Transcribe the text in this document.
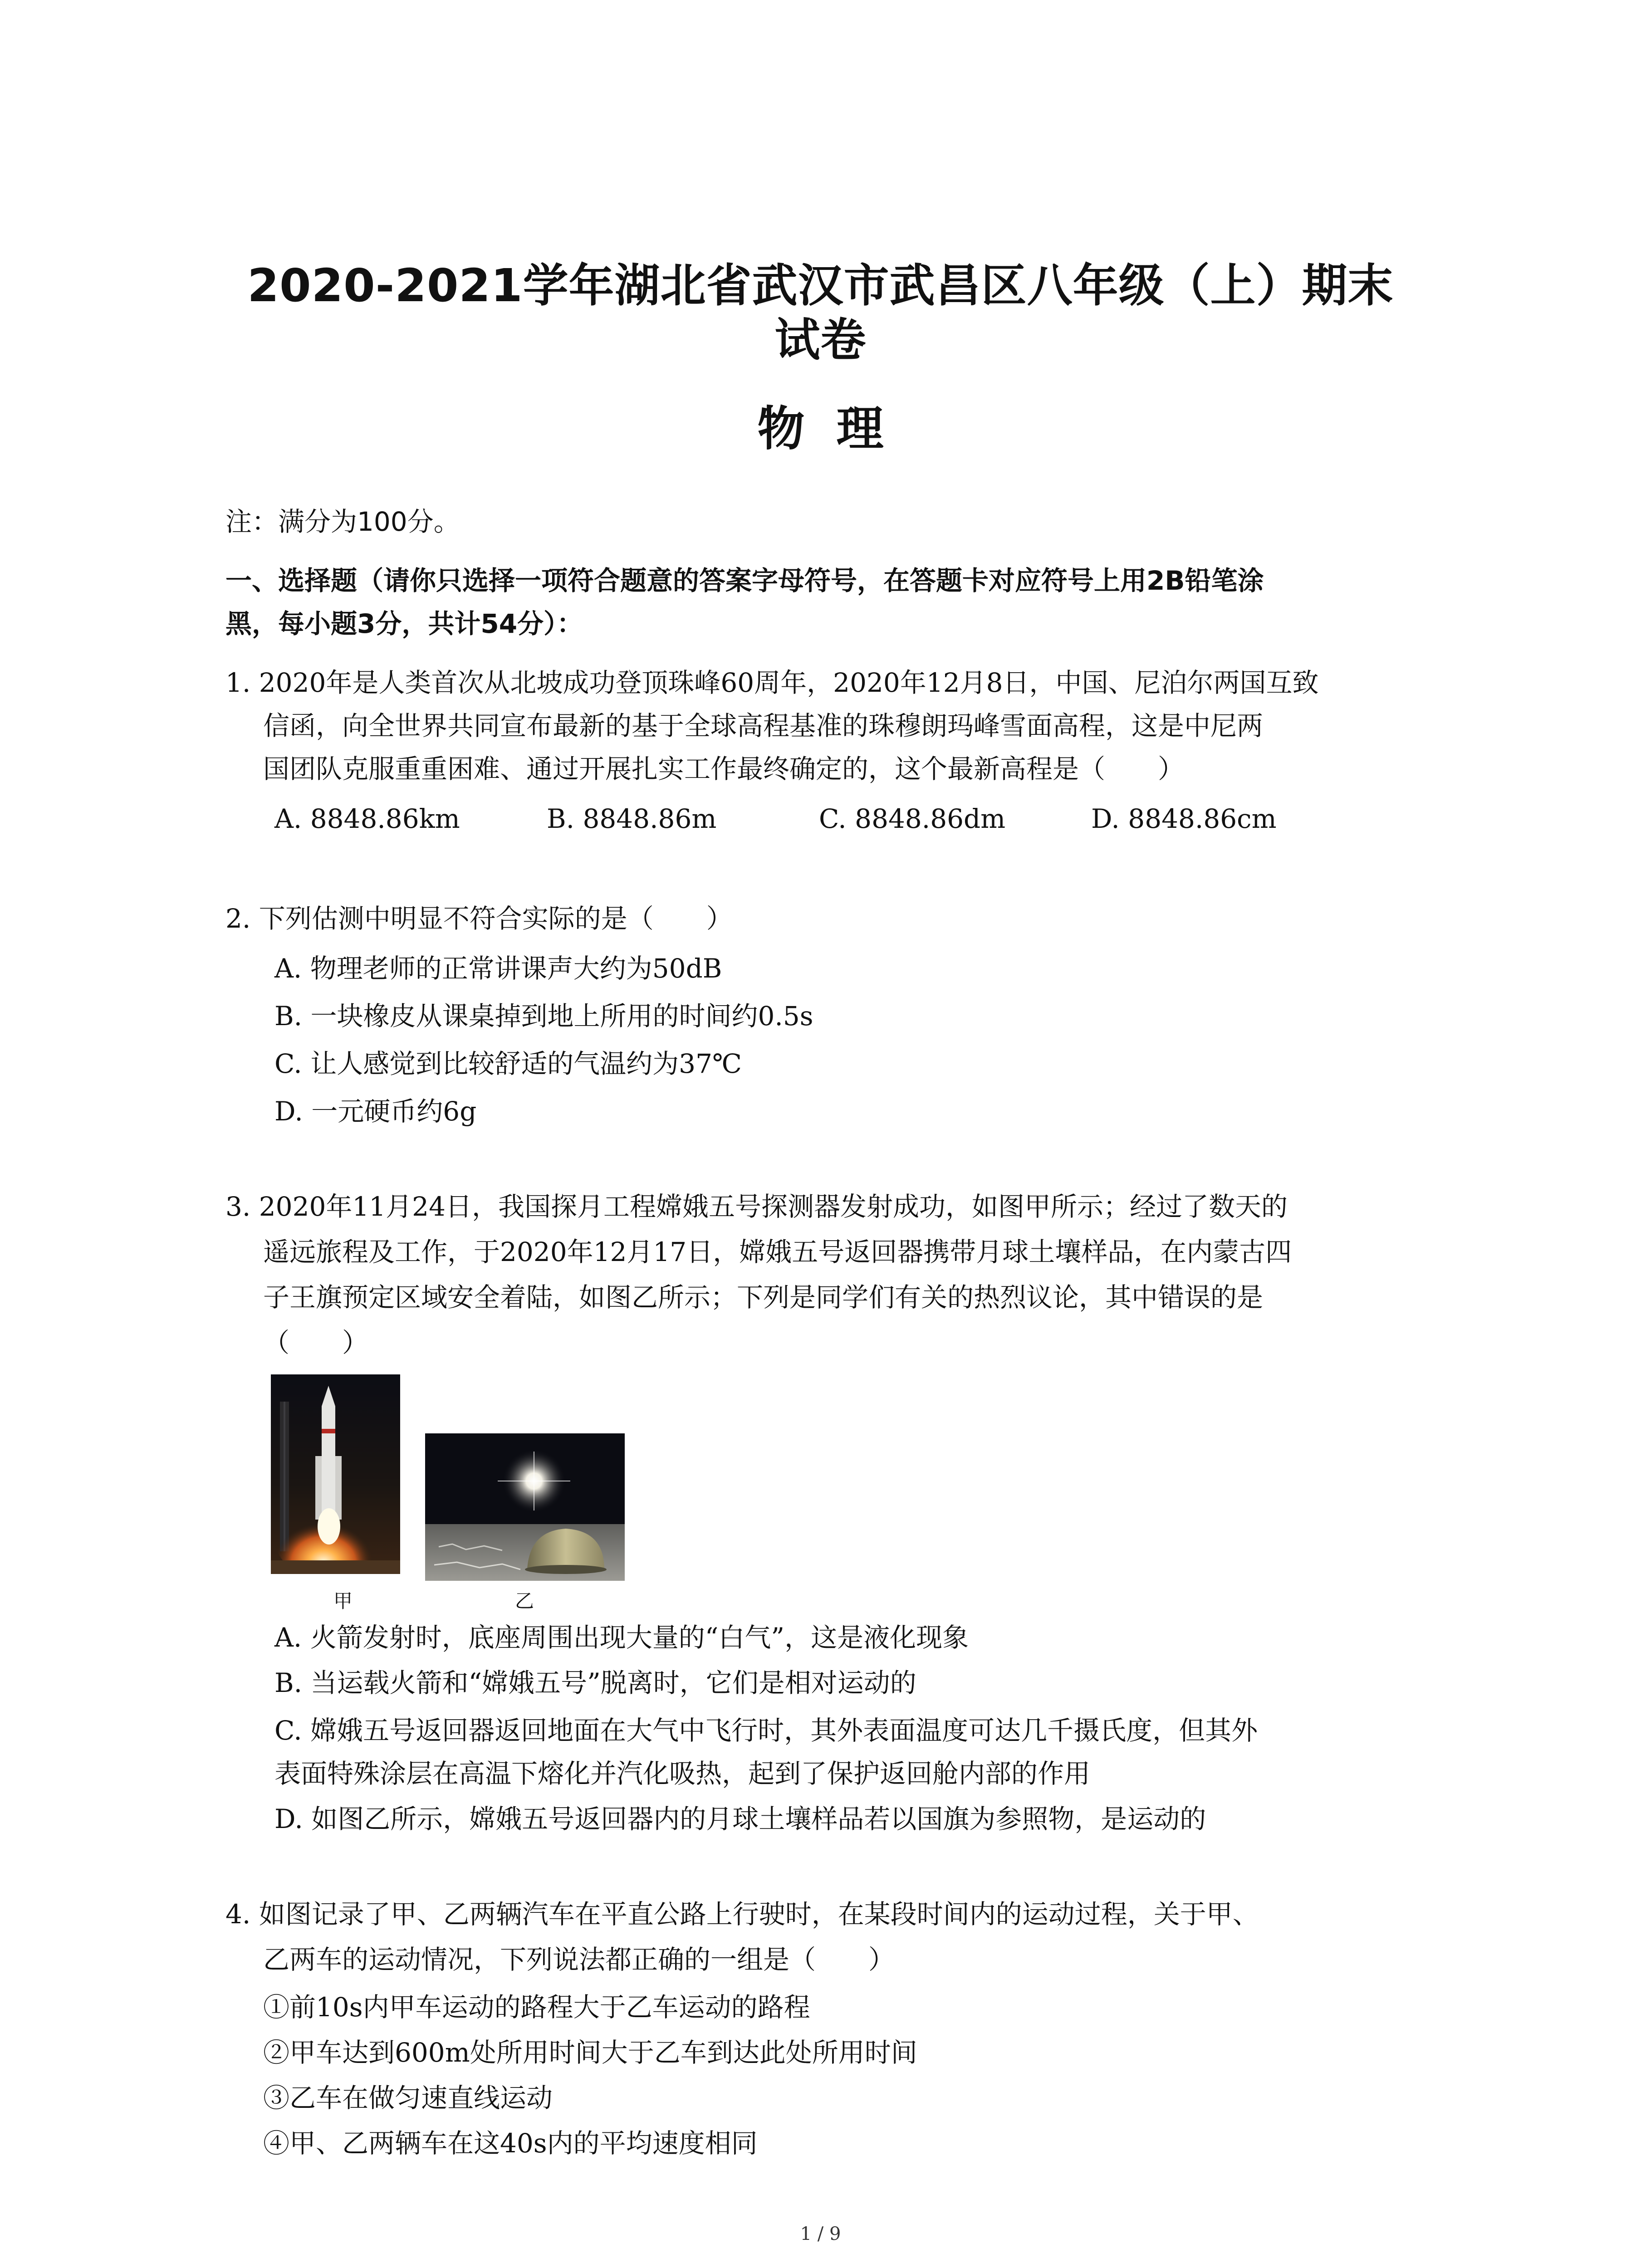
2020-2021学年湖北省武汉市武昌区八年级（上）期末
试卷
物理
注：满分为100分。
一、选择题（请你只选择一项符合题意的答案字母符号，在答题卡对应符号上用2B铅笔涂
黑，每小题3分，共计54分）：
1. 2020年是人类首次从北坡成功登顶珠峰60周年，2020年12月8日，中国、尼泊尔两国互致
信函，向全世界共同宣布最新的基于全球高程基准的珠穆朗玛峰雪面高程，这是中尼两
国团队克服重重困难、通过开展扎实工作最终确定的，这个最新高程是（　　）
A. 8848.86km	B. 8848.86m	C. 8848.86dm	D. 8848.86cm
2. 下列估测中明显不符合实际的是（　　）
A. 物理老师的正常讲课声大约为50dB
B. 一块橡皮从课桌掉到地上所用的时间约0.5s
C. 让人感觉到比较舒适的气温约为37℃
D. 一元硬币约6g
3. 2020年11月24日，我国探月工程嫦娥五号探测器发射成功，如图甲所示；经过了数天的
遥远旅程及工作，于2020年12月17日，嫦娥五号返回器携带月球土壤样品，在内蒙古四
子王旗预定区域安全着陆，如图乙所示；下列是同学们有关的热烈议论，其中错误的是
（　　）
甲	乙
A. 火箭发射时，底座周围出现大量的“白气”，这是液化现象
B. 当运载火箭和“嫦娥五号”脱离时，它们是相对运动的
C. 嫦娥五号返回器返回地面在大气中飞行时，其外表面温度可达几千摄氏度，但其外
表面特殊涂层在高温下熔化并汽化吸热，起到了保护返回舱内部的作用
D. 如图乙所示，嫦娥五号返回器内的月球土壤样品若以国旗为参照物，是运动的
4. 如图记录了甲、乙两辆汽车在平直公路上行驶时，在某段时间内的运动过程，关于甲、
乙两车的运动情况，下列说法都正确的一组是（　　）
①前10s内甲车运动的路程大于乙车运动的路程
②甲车达到600m处所用时间大于乙车到达此处所用时间
③乙车在做匀速直线运动
④甲、乙两辆车在这40s内的平均速度相同
1 / 9
